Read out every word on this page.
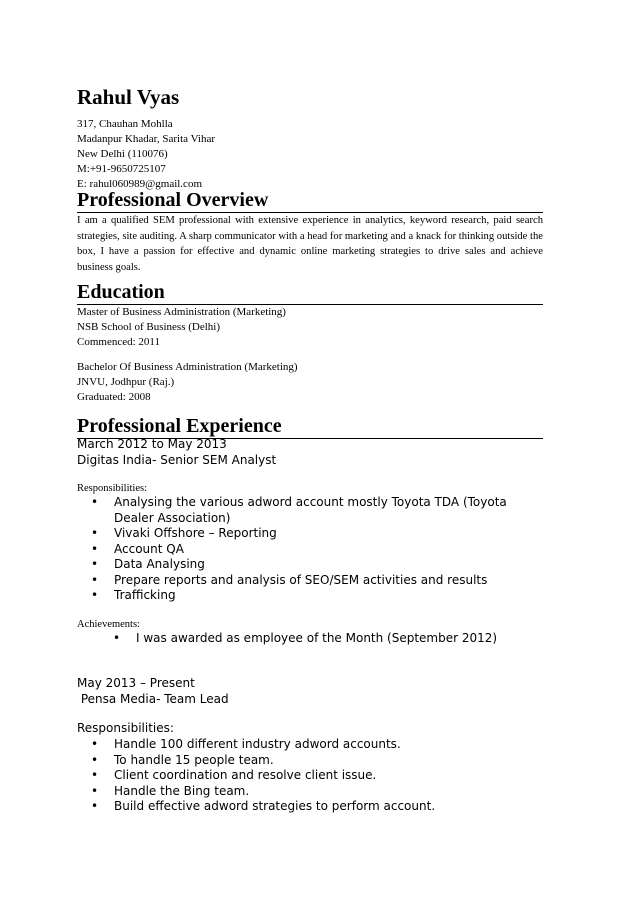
Rahul Vyas
317, Chauhan Mohlla
Madanpur Khadar, Sarita Vihar
New Delhi (110076)
M:+91-9650725107
E: rahul060989@gmail.com
Professional Overview
I am a qualified SEM professional with extensive experience in analytics, keyword research, paid search strategies, site auditing. A sharp communicator with a head for marketing and a knack for thinking outside the box, I have a passion for effective and dynamic online marketing strategies to drive sales and achieve business goals.
Education
Master of Business Administration (Marketing)
NSB School of Business (Delhi)
Commenced: 2011
Bachelor Of Business Administration (Marketing)
JNVU, Jodhpur (Raj.)
Graduated: 2008
Professional Experience
March 2012 to May 2013
Digitas India- Senior SEM Analyst
Responsibilities:
• Analysing the various adword account mostly Toyota TDA (Toyota Dealer Association)
• Vivaki Offshore – Reporting
• Account QA
• Data Analysing
• Prepare reports and analysis of SEO/SEM activities and results
• Trafficking
Achievements:
• I was awarded as employee of the Month (September 2012)
May 2013 – Present
Pensa Media- Team Lead
Responsibilities:
• Handle 100 different industry adword accounts.
• To handle 15 people team.
• Client coordination and resolve client issue.
• Handle the Bing team.
• Build effective adword strategies to perform account.
